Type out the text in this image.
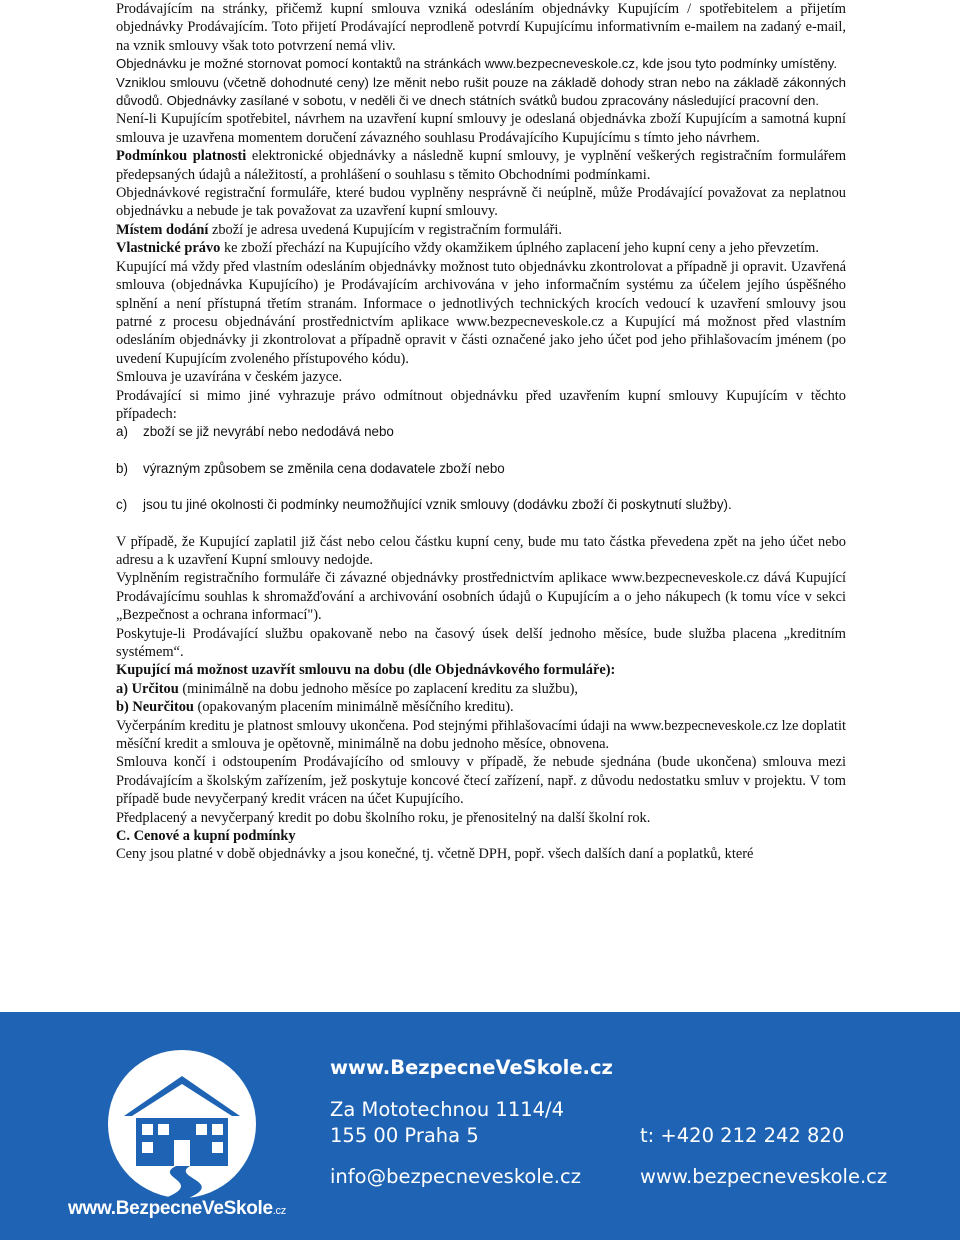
Prodávajícím na stránky, přičemž kupní smlouva vzniká odesláním objednávky Kupujícím / spotřebitelem a přijetím objednávky Prodávajícím. Toto přijetí Prodávající neprodleně potvrdí Kupujícímu informativním e-mailem na zadaný e-mail, na vznik smlouvy však toto potvrzení nemá vliv.

Objednávku je možné stornovat pomocí kontaktů na stránkách www.bezpecneveskole.cz, kde jsou tyto podmínky umístěny.

Vzniklou smlouvu (včetně dohodnuté ceny) lze měnit nebo rušit pouze na základě dohody stran nebo na základě zákonných důvodů. Objednávky zasílané v sobotu, v neděli či ve dnech státních svátků budou zpracovány následující pracovní den.

Není-li Kupujícím spotřebitel, návrhem na uzavření kupní smlouvy je odeslaná objednávka zboží Kupujícím a samotná kupní smlouva je uzavřena momentem doručení závazného souhlasu Prodávajícího Kupujícímu s tímto jeho návrhem.

Podmínkou platnosti elektronické objednávky a následně kupní smlouvy, je vyplnění veškerých registračním formulářem předepsaných údajů a náležitostí, a prohlášení o souhlasu s těmito Obchodními podmínkami.

Objednávkové registrační formuláře, které budou vyplněny nesprávně či neúplně, může Prodávající považovat za neplatnou objednávku a nebude je tak považovat za uzavření kupní smlouvy.

Místem dodání zboží je adresa uvedená Kupujícím v registračním formuláři.

Vlastnické právo ke zboží přechází na Kupujícího vždy okamžikem úplného zaplacení jeho kupní ceny a jeho převzetím.

Kupující má vždy před vlastním odesláním objednávky možnost tuto objednávku zkontrolovat a případně ji opravit. Uzavřená smlouva (objednávka Kupujícího) je Prodávajícím archivována v jeho informačním systému za účelem jejího úspěšného splnění a není přístupná třetím stranám. Informace o jednotlivých technických krocích vedoucí k uzavření smlouvy jsou patrné z procesu objednávání prostřednictvím aplikace www.bezpecneveskole.cz a Kupující má možnost před vlastním odesláním objednávky ji zkontrolovat a případně opravit v části označené jako jeho účet pod jeho přihlašovacím jménem (po uvedení Kupujícím zvoleného přístupového kódu).

Smlouva je uzavírána v českém jazyce.

Prodávající si mimo jiné vyhrazuje právo odmítnout objednávku před uzavřením kupní smlouvy Kupujícím v těchto případech:

a)	zboží se již nevyrábí nebo nedodává nebo
b)	výrazným způsobem se změnila cena dodavatele zboží nebo
c)	jsou tu jiné okolnosti či podmínky neumožňující vznik smlouvy (dodávku zboží či poskytnutí služby).

V případě, že Kupující zaplatil již část nebo celou částku kupní ceny, bude mu tato částka převedena zpět na jeho účet nebo adresu a k uzavření Kupní smlouvy nedojde.

Vyplněním registračního formuláře či závazné objednávky prostřednictvím aplikace www.bezpecneveskole.cz dává Kupující Prodávajícímu souhlas k shromažďování a archivování osobních údajů o Kupujícím a o jeho nákupech (k tomu více v sekci „Bezpečnost a ochrana informací").

Poskytuje-li Prodávající službu opakovaně nebo na časový úsek delší jednoho měsíce, bude služba placena „kreditním systémem“.

Kupující má možnost uzavřít smlouvu na dobu (dle Objednávkového formuláře):

a) Určitou (minimálně na dobu jednoho měsíce po zaplacení kreditu za službu),

b) Neurčitou (opakovaným placením minimálně měsíčního kreditu).

Vyčerpáním kreditu je platnost smlouvy ukončena. Pod stejnými přihlašovacími údaji na www.bezpecneveskole.cz lze doplatit měsíční kredit a smlouva je opětovně, minimálně na dobu jednoho měsíce, obnovena.

Smlouva končí i odstoupením Prodávajícího od smlouvy v případě, že nebude sjednána (bude ukončena) smlouva mezi Prodávajícím a školským zařízením, jež poskytuje koncové čtecí zařízení, např. z důvodu nedostatku smluv v projektu. V tom případě bude nevyčerpaný kredit vrácen na účet Kupujícího.

Předplacený a nevyčerpaný kredit po dobu školního roku, je přenositelný na další školní rok.

C. Cenové a kupní podmínky

Ceny jsou platné v době objednávky a jsou konečné, tj. včetně DPH, popř. všech dalších daní a poplatků, které

www.BezpecneVeSkole.cz
www.BezpecneVeSkole.cz
Za Mototechnou 1114/4
155 00 Praha 5	t: +420 212 242 820
info@bezpecneveskole.cz	www.bezpecneveskole.cz
